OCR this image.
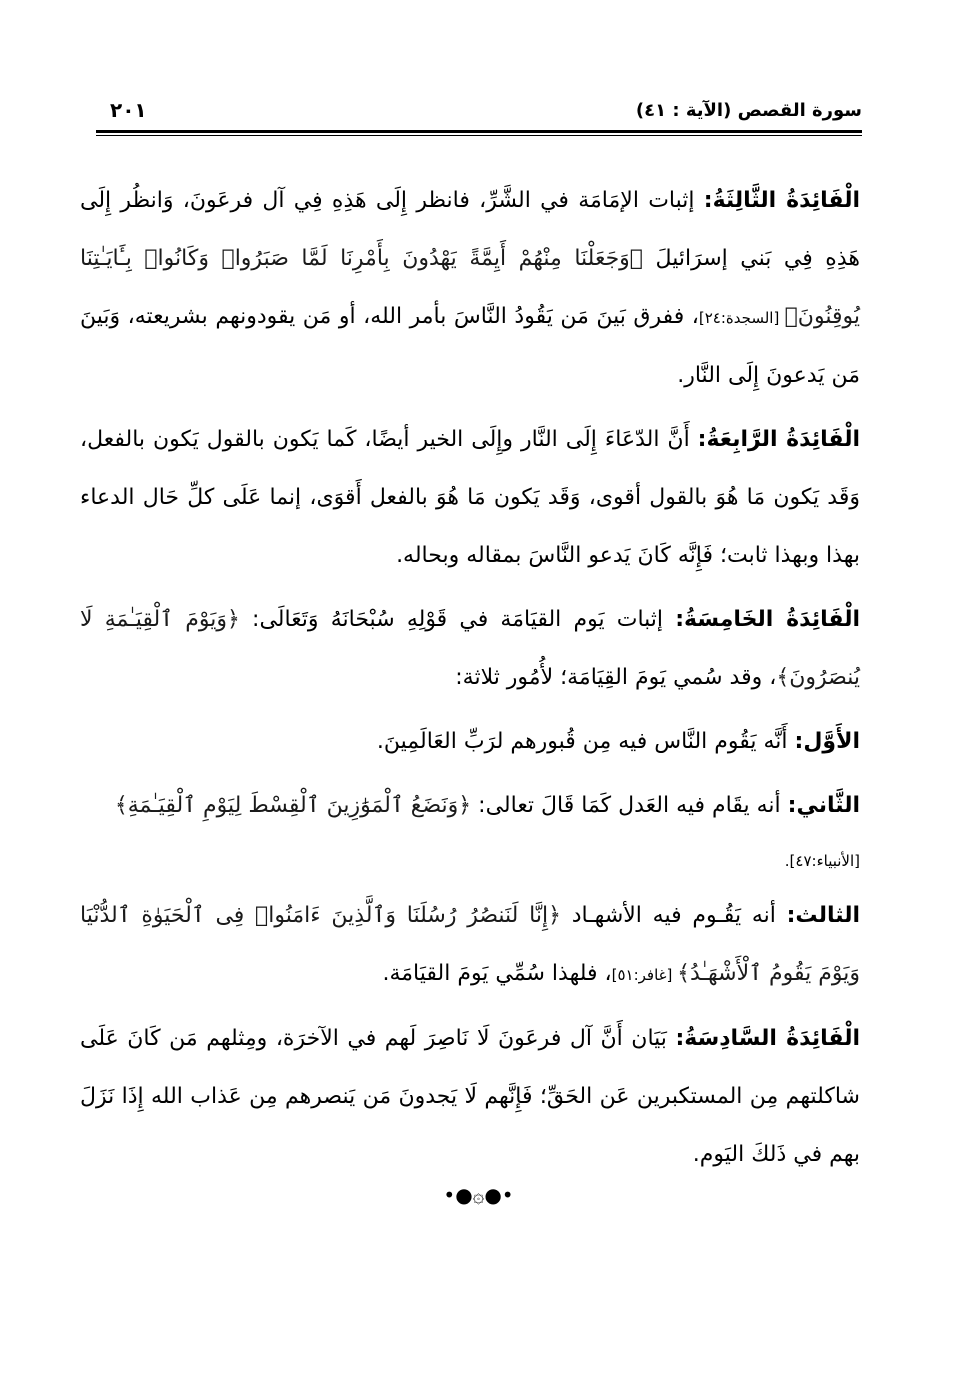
سورة القصص (الآية : ٤١)
٢٠١

الْفَائِدَةُ الثَّالِثَةُ: إثبات الإمَامَة في الشَّرِّ، فانظر إِلَى هَذِهِ فِي آل فرعَونَ، وَانظُر إِلَى هَذِهِ فِي بَني إسرَائيلَ ﴿وَجَعَلْنَا مِنْهُمْ أَيِمَّةً يَهْدُونَ بِأَمْرِنَا لَمَّا صَبَرُوا۟ وَكَانُوا۟ بِـَٔايَـٰتِنَا يُوقِنُونَ﴾ [السجدة:٢٤]، ففرق بَينَ مَن يَقُودُ النَّاسَ بأمر الله، أو مَن يقودونهم بشريعته، وَبَينَ مَن يَدعونَ إِلَى النَّار.

الْفَائِدَةُ الرَّابِعَةُ: أَنَّ الدّعَاءَ إِلَى النَّار وإِلَى الخير أيضًا، كَما يَكون بالقول يَكون بالفعل، وَقَد يَكون مَا هُوَ بالقول أقوى، وَقَد يَكون مَا هُوَ بالفعل أَقوَى، إنما عَلَى كلِّ حَال الدعاء بهذا وبهذا ثابت؛ فَإِنَّه كَانَ يَدعو النَّاسَ بمقاله وبحاله.

الْفَائِدَةُ الخَامِسَةُ: إثبات يَوم القيَامَة في قَوْلِهِ سُبْحَانَهُ وَتَعَالَى: ﴿وَيَوْمَ ٱلْقِيَـٰمَةِ لَا يُنصَرُونَ﴾، وقد سُمي يَومَ القِيَامَة؛ لأُمُور ثلاثة:

الأَوَّل: أَنَّه يَقُوم النَّاس فيه مِن قُبورهم لرَبِّ العَالَمِينَ.

الثَّاني: أنه يقَام فيه العَدل كَمَا قَالَ تعالى: ﴿وَنَضَعُ ٱلْمَوَٰزِينَ ٱلْقِسْطَ لِيَوْمِ ٱلْقِيَـٰمَةِ﴾

[الأنبياء:٤٧].

الثالث: أنه يَقُـوم فيه الأشهـاد ﴿إِنَّا لَنَنصُرُ رُسُلَنَا وَٱلَّذِينَ ءَامَنُوا۟ فِى ٱلْحَيَوٰةِ ٱلدُّنْيَا وَيَوْمَ يَقُومُ ٱلْأَشْهَـٰدُ﴾ [غافر:٥١]، فلهذا سُمِّي يَومَ القيَامَة.

الْفَائِدَةُ السَّادِسَةُ: بَيَان أَنَّ آل فرعَونَ لَا نَاصِرَ لَهم في الآخرَة، ومِثلهم مَن كَانَ عَلَى شاكلتهم مِن المستكبرين عَن الحَقِّ؛ فَإِنَّهم لَا يَجدونَ مَن يَنصرهم مِن عَذاب الله إِذَا نَزَلَ بهم في ذَلكَ اليَوم.

•●۞●•
